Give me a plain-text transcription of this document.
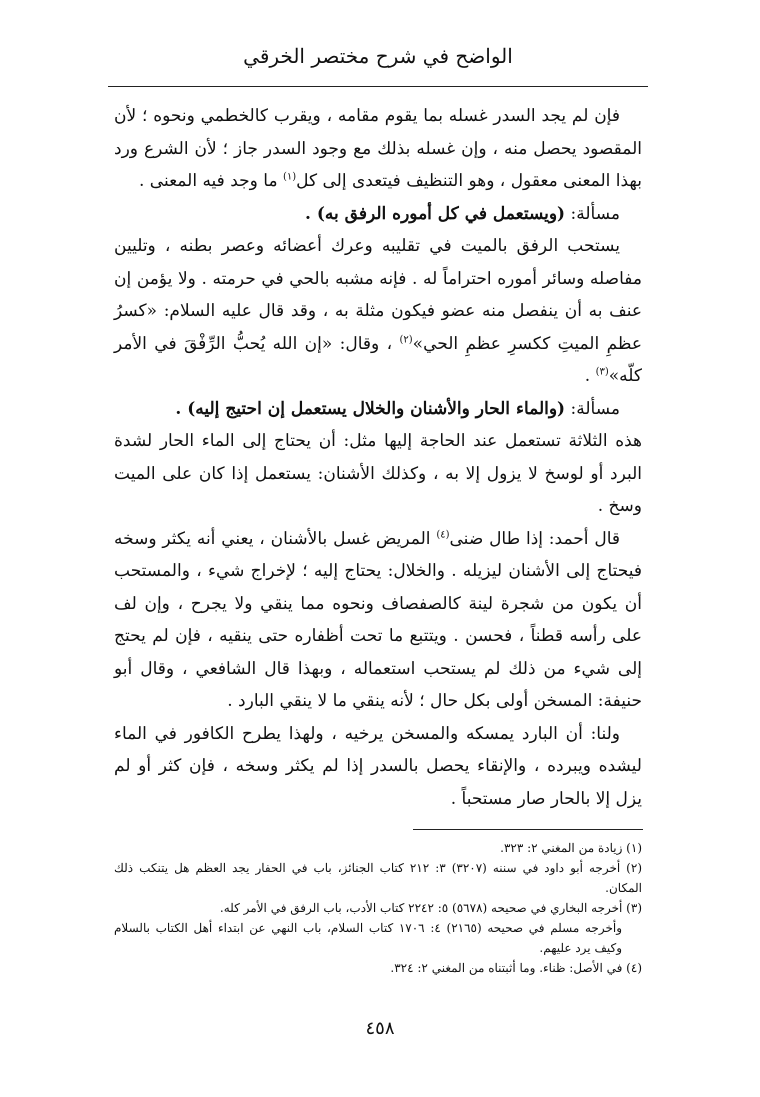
الواضح في شرح مختصر الخرقي

فإن لم يجد السدر غسله بما يقوم مقامه ، ويقرب كالخطمي ونحوه ؛ لأن المقصود يحصل منه ، وإن غسله بذلك مع وجود السدر جاز ؛ لأن الشرع ورد بهذا المعنى معقول ، وهو التنظيف فيتعدى إلى كل$^{(١)}$ ما وجد فيه المعنى .

مسألة: (ويستعمل في كل أموره الرفق به) .

يستحب الرفق بالميت في تقليبه وعرك أعضائه وعصر بطنه ، وتليين مفاصله وسائر أموره احتراماً له . فإنه مشبه بالحي في حرمته . ولا يؤمن إن عنف به أن ينفصل منه عضو فيكون مثلة به ، وقد قال عليه السلام: «كسرُ عظمِ الميتِ ككسرِ عظمِ الحي»$^{(٢)}$ ، وقال: «إن الله يُحبُّ الرِّفْقَ في الأمر كلّه»$^{(٣)}$ .

مسألة: (والماء الحار والأشنان والخلال يستعمل إن احتيج إليه) .

هذه الثلاثة تستعمل عند الحاجة إليها مثل: أن يحتاج إلى الماء الحار لشدة البرد أو لوسخ لا يزول إلا به ، وكذلك الأشنان: يستعمل إذا كان على الميت وسخ .

قال أحمد: إذا طال ضنى$^{(٤)}$ المريض غسل بالأشنان ، يعني أنه يكثر وسخه فيحتاج إلى الأشنان ليزيله . والخلال: يحتاج إليه ؛ لإخراج شيء ، والمستحب أن يكون من شجرة لينة كالصفصاف ونحوه مما ينقي ولا يجرح ، وإن لف على رأسه قطناً ، فحسن . ويتتبع ما تحت أظفاره حتى ينقيه ، فإن لم يحتج إلى شيء من ذلك لم يستحب استعماله ، وبهذا قال الشافعي ، وقال أبو حنيفة: المسخن أولى بكل حال ؛ لأنه ينقي ما لا ينقي البارد .

ولنا: أن البارد يمسكه والمسخن يرخيه ، ولهذا يطرح الكافور في الماء ليشده ويبرده ، والإنقاء يحصل بالسدر إذا لم يكثر وسخه ، فإن كثر أو لم يزل إلا بالحار صار مستحباً .

(١) زيادة من المغني ٢: ٣٢٣.

(٢) أخرجه أبو داود في سننه (٣٢٠٧) ٣: ٢١٢ كتاب الجنائز، باب في الحفار يجد العظم هل يتنكب ذلك المكان.

(٣) أخرجه البخاري في صحيحه (٥٦٧٨) ٥: ٢٢٤٢ كتاب الأدب، باب الرفق في الأمر كله.

وأخرجه مسلم في صحيحه (٢١٦٥) ٤: ١٧٠٦ كتاب السلام، باب النهي عن ابتداء أهل الكتاب بالسلام وكيف يرد عليهم.

(٤) في الأصل: ظناء. وما أثبتناه من المغني ٢: ٣٢٤.

٤٥٨
